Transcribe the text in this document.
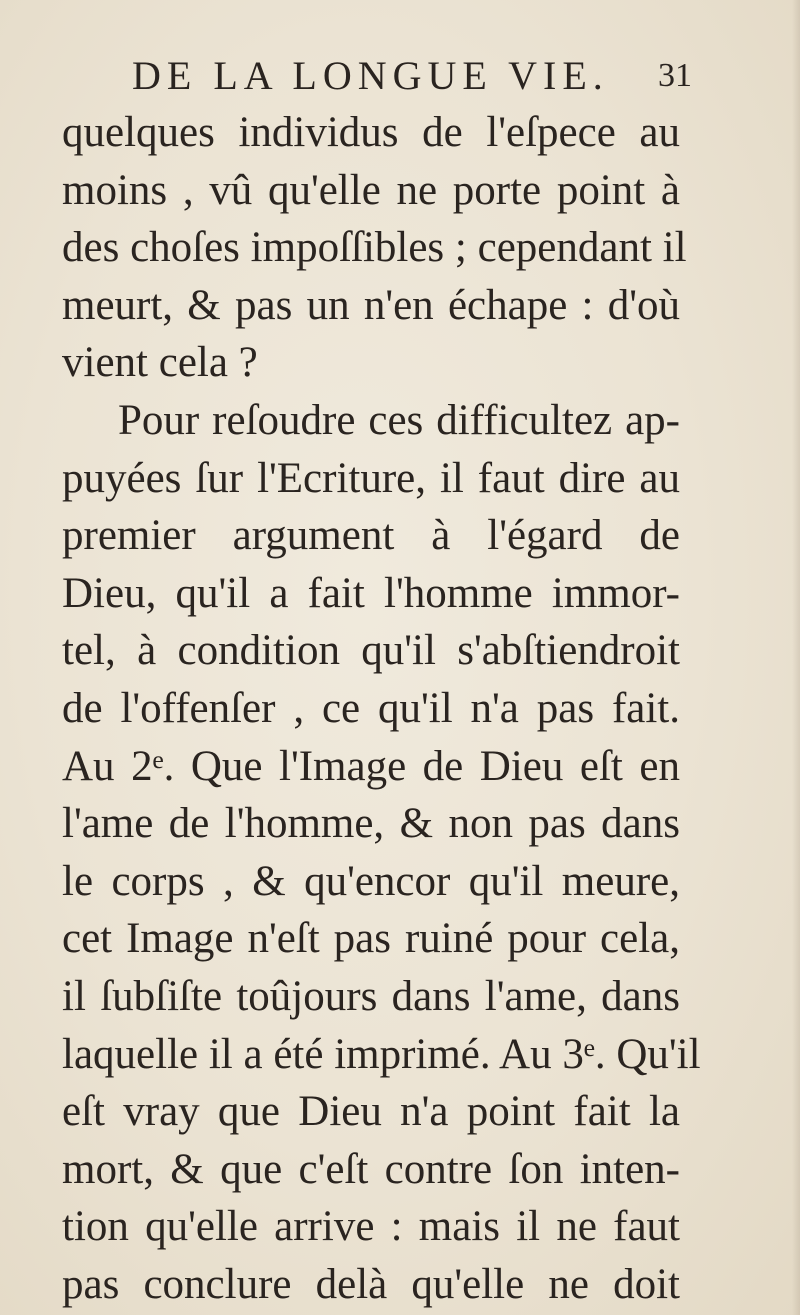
DE LA LONGUE VIE. 31
quelques individus de l'eſpece au
moins , vû qu'elle ne porte point à
des choſes impoſſibles ; cependant il
meurt, & pas un n'en échape : d'où
vient cela ?
Pour reſoudre ces difficultez ap-
puyées ſur l'Ecriture, il faut dire au
premier argument à l'égard de
Dieu, qu'il a fait l'homme immor-
tel, à condition qu'il s'abſtiendroit
de l'offenſer , ce qu'il n'a pas fait.
Au 2ᵉ. Que l'Image de Dieu eſt en
l'ame de l'homme, & non pas dans
le corps , & qu'encor qu'il meure,
cet Image n'eſt pas ruiné pour cela,
il ſubſiſte toûjours dans l'ame, dans
laquelle il a été imprimé. Au 3ᵉ. Qu'il
eſt vray que Dieu n'a point fait la
mort, & que c'eſt contre ſon inten-
tion qu'elle arrive : mais il ne faut
pas conclure delà qu'elle ne doit
